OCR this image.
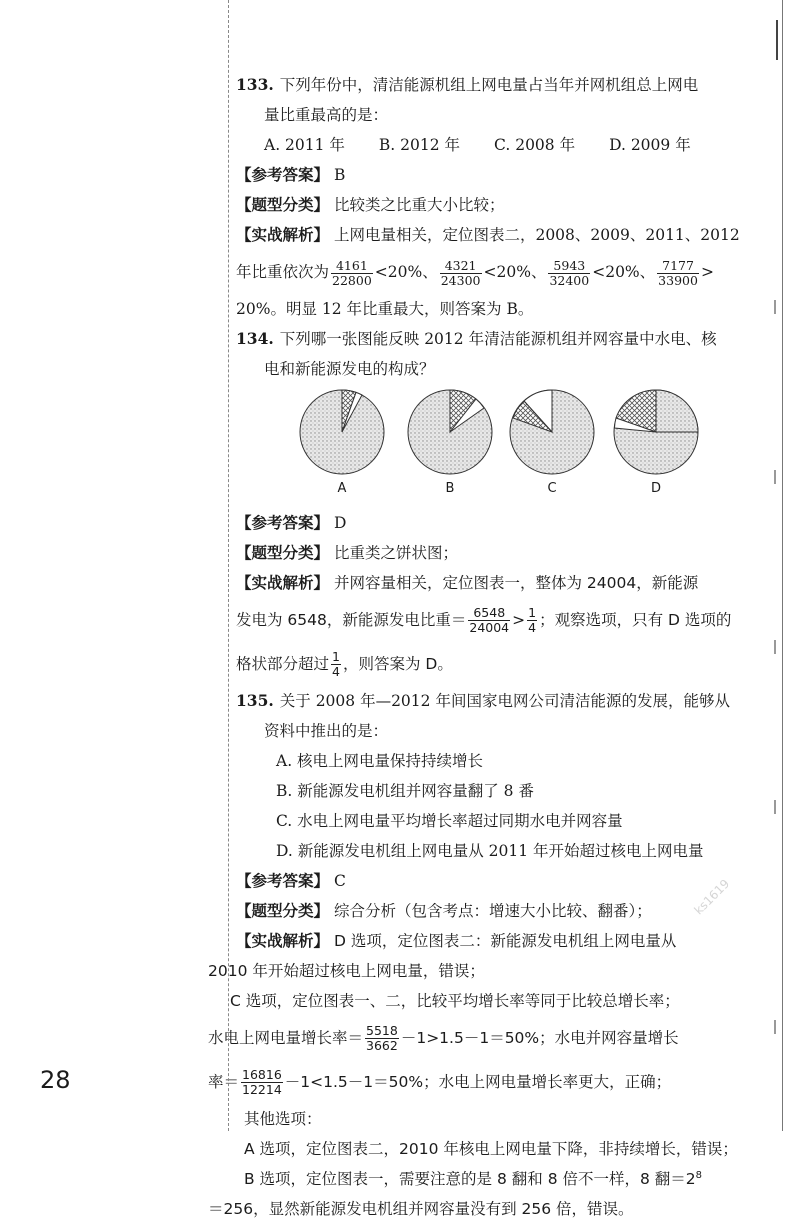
133. 下列年份中，清洁能源机组上网电量占当年并网机组总上网电
量比重最高的是：
A. 2011 年 B. 2012 年 C. 2008 年 D. 2009 年
【参考答案】 B
【题型分类】 比较类之比重大小比较；
【实战解析】 上网电量相关，定位图表二，2008、2009、2011、2012
年比重依次为 $\frac{4161}{22800} <20\%$、 $\frac{4321}{24300} <20\%$、 $\frac{5943}{32400} <20\%$、 $\frac{7177}{33900}$ >
20%。明显 12 年比重最大，则答案为 B。
134. 下列哪一张图能反映 2012 年清洁能源机组并网容量中水电、核
电和新能源发电的构成？
A	B	C	D
【参考答案】 D
【题型分类】 比重类之饼状图；
【实战解析】 并网容量相关，定位图表一，整体为 24004，新能源
发电为 6548，新能源发电比重＝ $\frac{6548}{24004} > \frac{1}{4}$ ；观察选项，只有 D 选项的
格状部分超过 $\frac{1}{4}$ ，则答案为 D。
135. 关于 2008 年—2012 年间国家电网公司清洁能源的发展，能够从
资料中推出的是：
A. 核电上网电量保持持续增长
B. 新能源发电机组并网容量翻了 8 番
C. 水电上网电量平均增长率超过同期水电并网容量
D. 新能源发电机组上网电量从 2011 年开始超过核电上网电量
【参考答案】 C
【题型分类】 综合分析（包含考点：增速大小比较、翻番）；
【实战解析】 D 选项，定位图表二：新能源发电机组上网电量从
2010 年开始超过核电上网电量，错误；
C 选项，定位图表一、二，比较平均增长率等同于比较总增长率；
水电上网电量增长率＝ $\frac{5518}{3662} -1>1.5-1=50\%$；水电并网容量增长
率＝ $\frac{16816}{12214} -1<1.5-1=50\%$；水电上网电量增长率更大，正确；
其他选项：
A 选项，定位图表二，2010 年核电上网电量下降，非持续增长，错误；
B 选项，定位图表一，需要注意的是 8 翻和 8 倍不一样，8 翻$=2^8$
＝256，显然新能源发电机组并网容量没有到 256 倍，错误。
28
ks1619
